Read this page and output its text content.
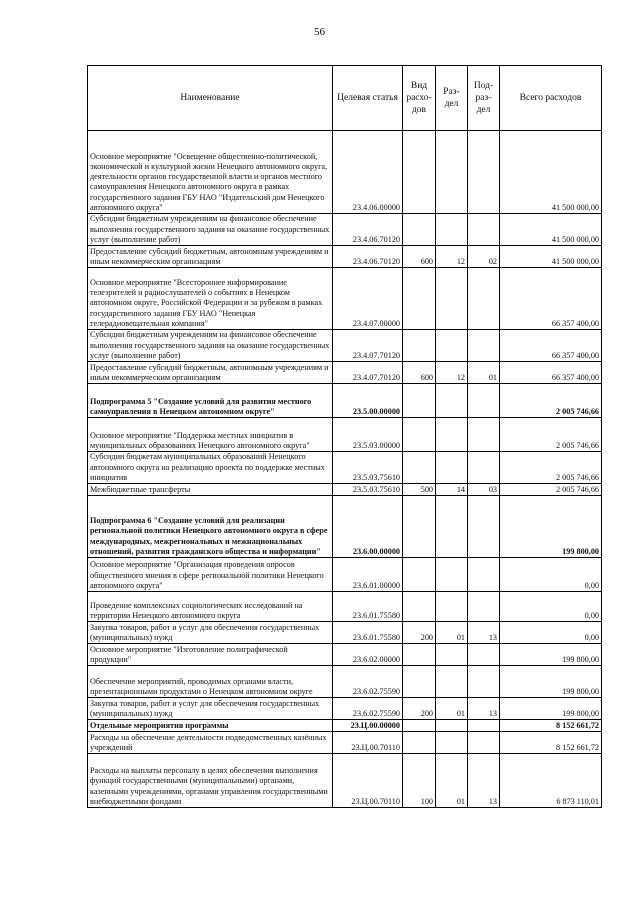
56
Наименование	Целевая статья	Вид расхо-дов	Раз-дел	Под-раз-дел	Всего расходов
Основное мероприятие "Освещение общественно-политической, экономической и культурной жизни Ненецкого автономного округа, деятельности органов государственной власти и органов местного самоуправления Ненецкого автономного округа в рамках государственного задания ГБУ НАО "Издательский дом Ненецкого автономного округа"	23.4.06.00000				41 500 000,00
Субсидии бюджетным учреждениям на финансовое обеспечение выполнения государственного задания на оказание государственных услуг (выполнение работ)	23.4.06.70120				41 500 000,00
Предоставление субсидий бюджетным, автономным учреждениям и иным некоммерческим организациям	23.4.06.70120	600	12	02	41 500 000,00
Основное мероприятие "Всестороннее информирование телезрителей и радиослушателей о событиях в Ненецком автономном округе, Российской Федерации и за рубежом в рамках государственного задания ГБУ НАО "Ненецкая телерадиовещательная компания"	23.4.07.00000				66 357 400,00
Субсидии бюджетным учреждениям на финансовое обеспечение выполнения государственного задания на оказание государственных услуг (выполнение работ)	23.4.07.70120				66 357 400,00
Предоставление субсидий бюджетным, автономным учреждениям и иным некоммерческим организациям	23.4.07.70120	600	12	01	66 357 400,00
Подпрограмма 5 "Создание условий для развития местного самоуправления в Ненецком автономном округе"	23.5.00.00000				2 005 746,66
Основное мероприятие "Поддержка местных инициатив в муниципальных образованиях Ненецкого автономного округа"	23.5.03.00000				2 005 746,66
Субсидии бюджетам муниципальных образований Ненецкого автономного округа на реализацию проекта по поддержке местных инициатив	23.5.03.75610				2 005 746,66
Межбюджетные трансферты	23.5.03.75610	500	14	03	2 005 746,66
Подпрограмма 6 "Создание условий для реализации региональной политики Ненецкого автономного округа в сфере международных, межрегиональных и межнациональных отношений, развития гражданского общества и информации"	23.6.00.00000				199 800,00
Основное мероприятие "Организация проведения опросов общественного мнения в сфере региональной политики Ненецкого автономного округа"	23.6.01.00000				0,00
Проведение комплексных социологических исследований на территории Ненецкого автономного округа	23.6.01.75580				0,00
Закупка товаров, работ и услуг для обеспечения государственных (муниципальных) нужд	23.6.01.75580	200	01	13	0,00
Основное мероприятие "Изготовление полиграфической продукции"	23.6.02.00000				199 800,00
Обеспечение мероприятий, проводимых органами власти, презентационными продуктами о Ненецком автономном округе	23.6.02.75590				199 800,00
Закупка товаров, работ и услуг для обеспечения государственных (муниципальных) нужд	23.6.02.75590	200	01	13	199 800,00
Отдельные мероприятия программы	23.Ц.00.00000				8 152 661,72
Расходы на обеспечение деятельности подведомственных казённых учреждений	23.Ц.00.70110				8 152 661,72
Расходы на выплаты персоналу в целях обеспечения выполнения функций государственными (муниципальными) органами, казенными учреждениями, органами управления государственными внебюджетными фондами	23.Ц.00.70110	100	01	13	6 873 110,01
